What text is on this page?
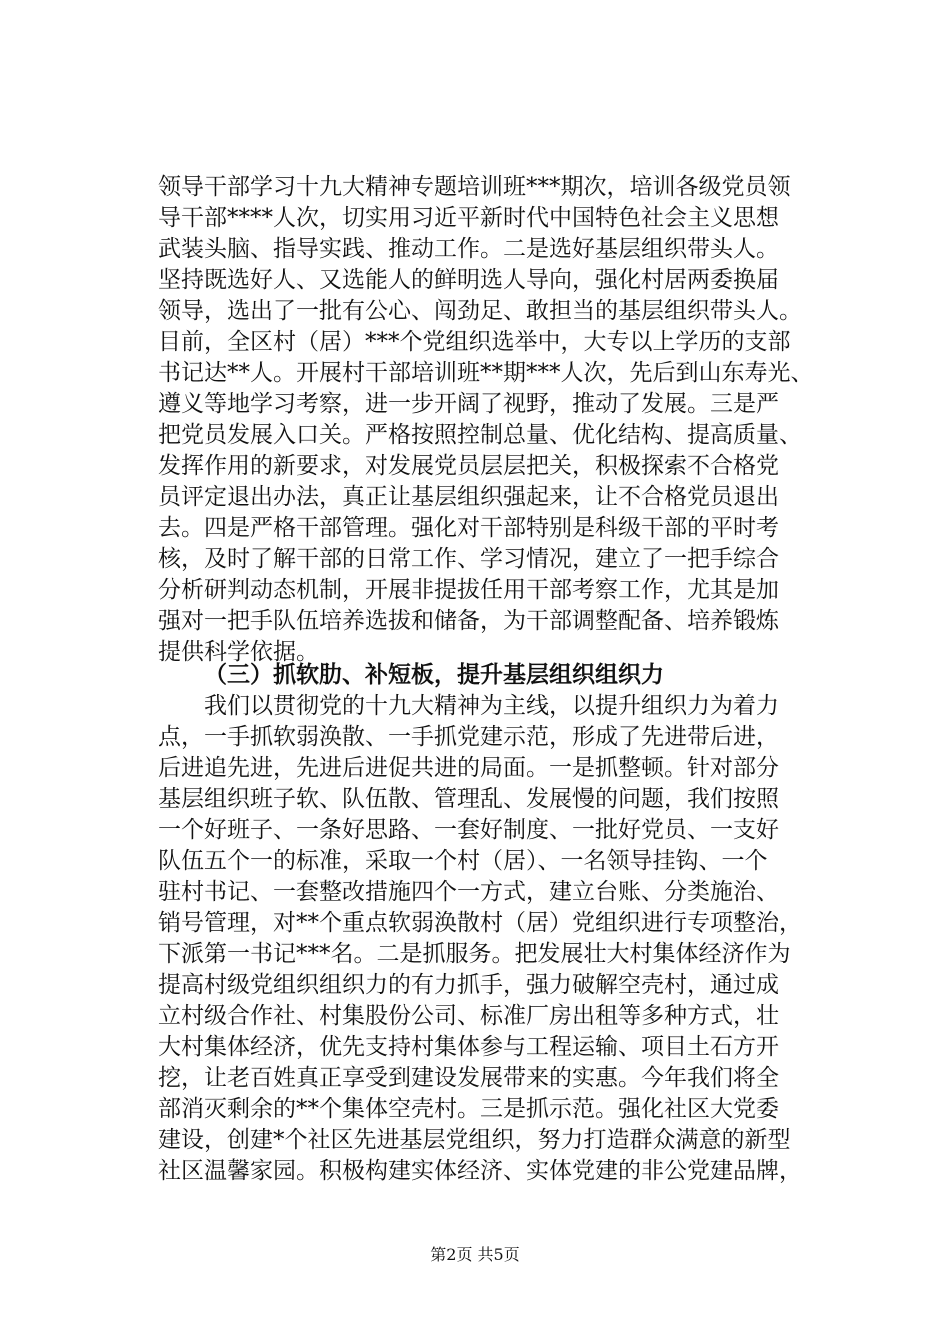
领导干部学习十九大精神专题培训班***期次，培训各级党员领
导干部****人次，切实用习近平新时代中国特色社会主义思想
武装头脑、指导实践、推动工作。二是选好基层组织带头人。
坚持既选好人、又选能人的鲜明选人导向，强化村居两委换届
领导，选出了一批有公心、闯劲足、敢担当的基层组织带头人。
目前，全区村（居）***个党组织选举中，大专以上学历的支部
书记达**人。开展村干部培训班**期***人次，先后到山东寿光、
遵义等地学习考察，进一步开阔了视野，推动了发展。三是严
把党员发展入口关。严格按照控制总量、优化结构、提高质量、
发挥作用的新要求，对发展党员层层把关，积极探索不合格党
员评定退出办法，真正让基层组织强起来，让不合格党员退出
去。四是严格干部管理。强化对干部特别是科级干部的平时考
核，及时了解干部的日常工作、学习情况，建立了一把手综合
分析研判动态机制，开展非提拔任用干部考察工作，尤其是加
强对一把手队伍培养选拔和储备，为干部调整配备、培养锻炼
提供科学依据。
（三）抓软肋、补短板，提升基层组织组织力
我们以贯彻党的十九大精神为主线，以提升组织力为着力
点，一手抓软弱涣散、一手抓党建示范，形成了先进带后进，
后进追先进，先进后进促共进的局面。一是抓整顿。针对部分
基层组织班子软、队伍散、管理乱、发展慢的问题，我们按照
一个好班子、一条好思路、一套好制度、一批好党员、一支好
队伍五个一的标准，采取一个村（居）、一名领导挂钩、一个
驻村书记、一套整改措施四个一方式，建立台账、分类施治、
销号管理，对**个重点软弱涣散村（居）党组织进行专项整治，
下派第一书记***名。二是抓服务。把发展壮大村集体经济作为
提高村级党组织组织力的有力抓手，强力破解空壳村，通过成
立村级合作社、村集股份公司、标准厂房出租等多种方式，壮
大村集体经济，优先支持村集体参与工程运输、项目土石方开
挖，让老百姓真正享受到建设发展带来的实惠。今年我们将全
部消灭剩余的**个集体空壳村。三是抓示范。强化社区大党委
建设，创建*个社区先进基层党组织，努力打造群众满意的新型
社区温馨家园。积极构建实体经济、实体党建的非公党建品牌，
第2页 共5页
